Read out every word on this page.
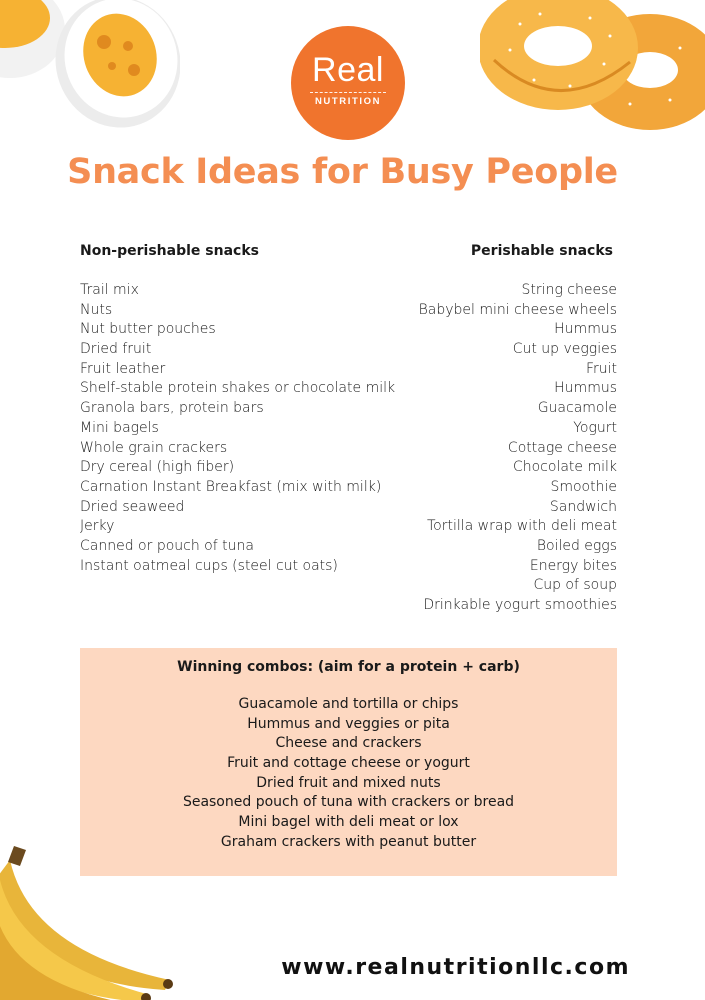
Real
NUTRITION
Snack Ideas for Busy People
Non-perishable snacks
Trail mix
Nuts
Nut butter pouches
Dried fruit
Fruit leather
Shelf-stable protein shakes or chocolate milk
Granola bars, protein bars
Mini bagels
Whole grain crackers
Dry cereal (high fiber)
Carnation Instant Breakfast (mix with milk)
Dried seaweed
Jerky
Canned or pouch of tuna
Instant oatmeal cups (steel cut oats)
Perishable snacks
String cheese
Babybel mini cheese wheels
Hummus
Cut up veggies
Fruit
Hummus
Guacamole
Yogurt
Cottage cheese
Chocolate milk
Smoothie
Sandwich
Tortilla wrap with deli meat
Boiled eggs
Energy bites
Cup of soup
Drinkable yogurt smoothies
Winning combos: (aim for a protein + carb)
Guacamole and tortilla or chips
Hummus and veggies or pita
Cheese and crackers
Fruit and cottage cheese or yogurt
Dried fruit and mixed nuts
Seasoned pouch of tuna with crackers or bread
Mini bagel with deli meat or lox
Graham crackers with peanut butter
www.realnutritionllc.com
